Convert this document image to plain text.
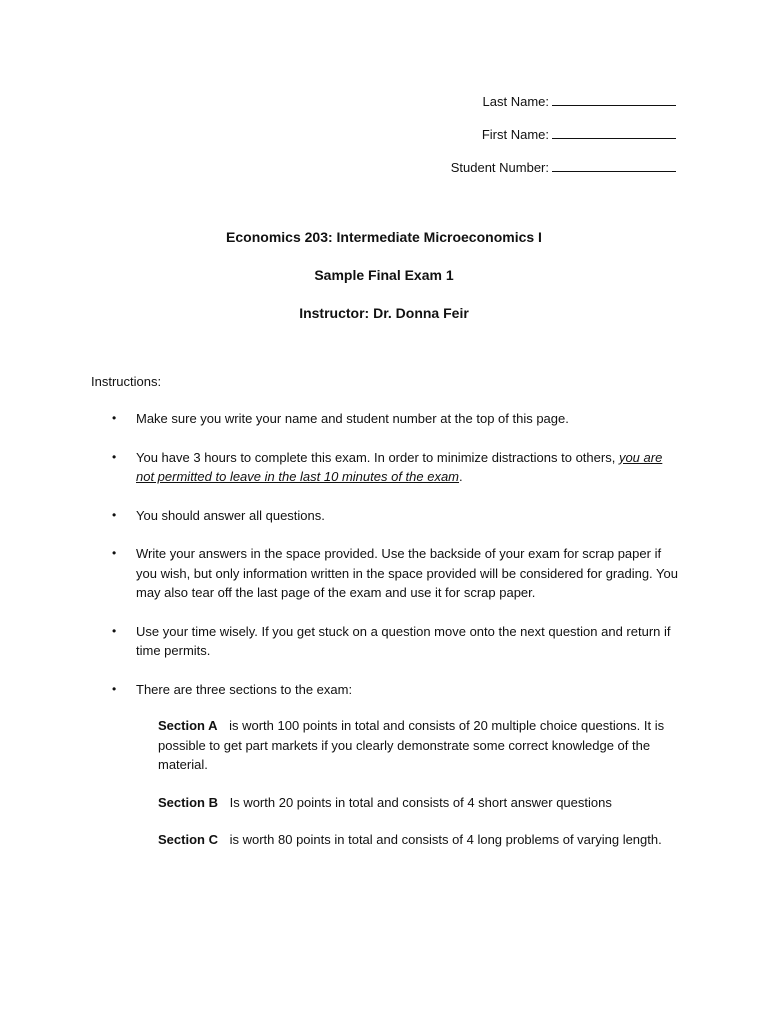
Last Name:
First Name:
Student Number:
Economics 203: Intermediate Microeconomics I
Sample Final Exam 1
Instructor: Dr. Donna Feir
Instructions:
• Make sure you write your name and student number at the top of this page.
• You have 3 hours to complete this exam. In order to minimize distractions to others, you are not permitted to leave in the last 10 minutes of the exam.
• You should answer all questions.
• Write your answers in the space provided. Use the backside of your exam for scrap paper if you wish, but only information written in the space provided will be considered for grading. You may also tear off the last page of the exam and use it for scrap paper.
• Use your time wisely. If you get stuck on a question move onto the next question and return if time permits.
• There are three sections to the exam:
Section A is worth 100 points in total and consists of 20 multiple choice questions. It is possible to get part markets if you clearly demonstrate some correct knowledge of the material.
Section B Is worth 20 points in total and consists of 4 short answer questions
Section C is worth 80 points in total and consists of 4 long problems of varying length.
